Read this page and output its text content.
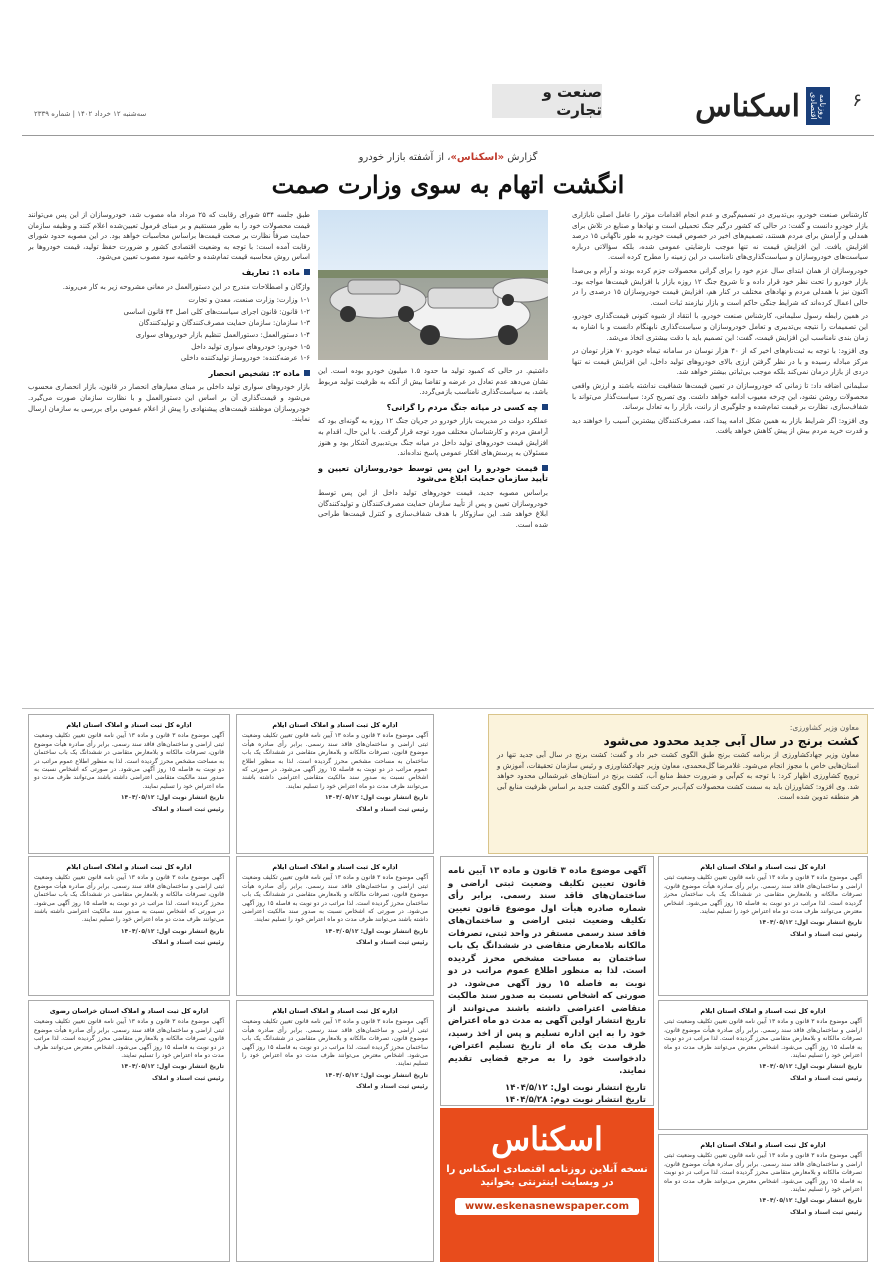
۶
روزنامه اقتصادی
اسکناس
صنعت و تجارت
سه‌شنبه ۱۲ خرداد ۱۴۰۲ | شماره ۲۳۳۹
گزارش «اسکناس»، از آشفته بازار خودرو
انگشت اتهام به سوی وزارت صمت

کارشناس صنعت خودرو، بی‌تدبیری در تصمیم‌گیری و عدم انجام اقدامات مؤثر را عامل اصلی نابازاری بازار خودرو دانست و گفت: در حالی که کشور درگیر جنگ تحمیلی است و نهادها و صنایع در تلاش برای همدلی و آرامش برای مردم هستند، تصمیم‌های اخیر در خصوص قیمت خودرو به طور ناگهانی ۱۵ درصد افزایش یافت. این افزایش قیمت نه تنها موجب نارضایتی عمومی شده، بلکه سؤالاتی درباره سیاست‌های خودروسازان و سیاست‌گذاری‌های نامناسب در این زمینه را مطرح کرده است.

خودروسازان از همان ابتدای سال عزم خود را برای گرانی محصولات جزم کرده بودند و آرام و بی‌صدا بازار خودرو را تحت نظر خود قرار داده و تا شروع جنگ ۱۲ روزه بازار با افزایش قیمت‌ها مواجه بود. اکنون نیز با همدلی مردم و نهادهای مختلف در کنار هم، افزایش قیمت خودروسازان ۱۵ درصدی را در حالی اعمال کرده‌اند که شرایط جنگی حاکم است و بازار نیازمند ثبات است.

در همین رابطه رسول سلیمانی، کارشناس صنعت خودرو، با انتقاد از شیوه کنونی قیمت‌گذاری خودرو، این تصمیمات را نتیجه بی‌تدبیری و تعامل خودروسازان و سیاست‌گذاری نابهنگام دانست و با اشاره به زمان بندی نامناسب این افزایش قیمت، گفت: این تصمیم باید با دقت بیشتری اتخاذ می‌شد.

وی افزود: با توجه به ثبت‌نام‌های اخیر که از ۴۰ هزار نوسان در سامانه تیماه خودرو ۷۰ هزار تومان در مرکز مبادله رسیده و با در نظر گرفتن ارزی بالای خودروهای تولید داخل، این افزایش قیمت نه تنها دردی از بازار درمان نمی‌کند بلکه موجب بی‌ثباتی بیشتر خواهد شد.

سلیمانی اضافه داد: تا زمانی که خودروسازان در تعیین قیمت‌ها شفافیت نداشته باشند و ارزش واقعی محصولات روشن نشود، این چرخه معیوب ادامه خواهد داشت. وی تصریح کرد: سیاست‌گذار می‌تواند با شفاف‌سازی، نظارت بر قیمت تمام‌شده و جلوگیری از رانت، بازار را به تعادل برساند.

وی افزود: اگر شرایط بازار به همین شکل ادامه پیدا کند، مصرف‌کنندگان بیشترین آسیب را خواهند دید و قدرت خرید مردم بیش از پیش کاهش خواهد یافت.

داشتیم. در حالی که کمبود تولید ما حدود ۱.۵ میلیون خودرو بوده است. این نشان می‌دهد عدم تعادل در عرضه و تقاضا بیش از آنکه به ظرفیت تولید مربوط باشد، به سیاست‌گذاری نامناسب بازمی‌گردد.

چه کسی در میانه جنگ مردم را گرانی؟

عملکرد دولت در مدیریت بازار خودرو در جریان جنگ ۱۲ روزه به گونه‌ای بود که آرامش مردم و کارشناسان مختلف مورد توجه قرار گرفت. با این حال، اقدام به افزایش قیمت خودروهای تولید داخل در میانه جنگ بی‌تدبیری آشکار بود و هنوز مسئولان به پرسش‌های افکار عمومی پاسخ نداده‌اند.

قیمت خودرو را این پس توسط خودروسازان تعیین و تأیید سازمان حمایت ابلاغ می‌شود

براساس مصوبه جدید، قیمت خودروهای تولید داخل از این پس توسط خودروسازان تعیین و پس از تأیید سازمان حمایت مصرف‌کنندگان و تولیدکنندگان ابلاغ خواهد شد. این سازوکار با هدف شفاف‌سازی و کنترل قیمت‌ها طراحی شده است.

طبق جلسه ۵۳۴ شورای رقابت که ۲۵ مرداد ماه مصوب شد، خودروسازان از این پس می‌توانند قیمت محصولات خود را به طور مستقیم و بر مبنای فرمول تعیین‌شده اعلام کنند و وظیفه سازمان حمایت صرفاً نظارت بر صحت قیمت‌ها براساس محاسبات خواهد بود. در این مصوبه حدود شورای رقابت آمده است: با توجه به وضعیت اقتصادی کشور و ضرورت حفظ تولید، قیمت خودروها بر اساس روش محاسبه قیمت تمام‌شده و حاشیه سود مصوب تعیین می‌شود.

ماده ۱: تعاریف

واژگان و اصطلاحات مندرج در این دستورالعمل در معانی مشروحه زیر به کار می‌روند.

۱-۱ وزارت: وزارت صنعت، معدن و تجارت
۱-۲ قانون: قانون اجرای سیاست‌های کلی اصل ۴۴ قانون اساسی
۱-۳ سازمان: سازمان حمایت مصرف‌کنندگان و تولیدکنندگان
۱-۴ دستورالعمل: دستورالعمل تنظیم بازار خودروهای سواری
۱-۵ خودرو: خودروهای سواری تولید داخل
۱-۶ عرضه‌کننده: خودروساز تولیدکننده داخلی
ماده ۲: تشخیص انحصار

بازار خودروهای سواری تولید داخلی بر مبنای معیارهای انحصار در قانون، بازار انحصاری محسوب می‌شود و قیمت‌گذاری آن بر اساس این دستورالعمل و با نظارت سازمان صورت می‌گیرد. خودروسازان موظفند قیمت‌های پیشنهادی را پیش از اعلام عمومی برای بررسی به سازمان ارسال نمایند.

معاون وزیر کشاورزی:
کشت برنج در سال آبی جدید محدود می‌شود

معاون وزیر جهادکشاورزی از برنامه کشت برنج طبق الگوی کشت خبر داد و گفت: کشت برنج در سال آبی جدید تنها در استان‌هایی خاص با مجوز انجام می‌شود. غلامرضا گل‌محمدی، معاون وزیر جهادکشاورزی و رئیس سازمان تحقیقات، آموزش و ترویج کشاورزی اظهار کرد: با توجه به کم‌آبی و ضرورت حفظ منابع آب، کشت برنج در استان‌های غیرشمالی محدود خواهد شد. وی افزود: کشاورزان باید به سمت کشت محصولات کم‌آب‌بر حرکت کنند و الگوی کشت جدید بر اساس ظرفیت منابع آبی هر منطقه تدوین شده است.

اداره کل ثبت اسناد و املاک استان ایلام
آگهی موضوع ماده ۳ قانون و ماده ۱۳ آیین نامه قانون تعیین تکلیف وضعیت ثبتی اراضی و ساختمان‌های فاقد سند رسمی. برابر رأی صادره هیأت موضوع قانون، تصرفات مالکانه و بلامعارض متقاضی در ششدانگ یک باب ساختمان به مساحت مشخص محرز گردیده است. لذا به منظور اطلاع عموم مراتب در دو نوبت به فاصله ۱۵ روز آگهی می‌شود. در صورتی که اشخاص نسبت به صدور سند مالکیت متقاضی اعتراضی داشته باشند می‌توانند ظرف مدت دو ماه اعتراض خود را تسلیم نمایند.
تاریخ انتشار نوبت اول: ۱۴۰۴/۰۵/۱۲
رئیس ثبت اسناد و املاک
اداره کل ثبت اسناد و املاک استان ایلام
آگهی موضوع ماده ۳ قانون و ماده ۱۳ آیین نامه قانون تعیین تکلیف وضعیت ثبتی اراضی و ساختمان‌های فاقد سند رسمی. برابر رأی صادره هیأت موضوع قانون، تصرفات مالکانه و بلامعارض متقاضی در ششدانگ یک باب ساختمان به مساحت مشخص محرز گردیده است. لذا به منظور اطلاع عموم مراتب در دو نوبت به فاصله ۱۵ روز آگهی می‌شود. در صورتی که اشخاص نسبت به صدور سند مالکیت متقاضی اعتراضی داشته باشند می‌توانند ظرف مدت دو ماه اعتراض خود را تسلیم نمایند.
تاریخ انتشار نوبت اول: ۱۴۰۴/۰۵/۱۲
رئیس ثبت اسناد و املاک
اداره کل ثبت اسناد و املاک استان ایلام
آگهی موضوع ماده ۳ قانون و ماده ۱۳ آیین نامه قانون تعیین تکلیف وضعیت ثبتی اراضی و ساختمان‌های فاقد سند رسمی. برابر رأی صادره هیأت موضوع قانون، تصرفات مالکانه و بلامعارض متقاضی در ششدانگ یک باب ساختمان محرز گردیده است. لذا مراتب در دو نوبت به فاصله ۱۵ روز آگهی می‌شود. در صورتی که اشخاص نسبت به صدور سند مالکیت اعتراضی داشته باشند می‌توانند ظرف مدت دو ماه اعتراض خود را تسلیم نمایند.
تاریخ انتشار نوبت اول: ۱۴۰۴/۰۵/۱۲
رئیس ثبت اسناد و املاک
اداره کل ثبت اسناد و املاک استان ایلام
آگهی موضوع ماده ۳ قانون و ماده ۱۳ آیین نامه قانون تعیین تکلیف وضعیت ثبتی اراضی و ساختمان‌های فاقد سند رسمی. برابر رأی صادره هیأت موضوع قانون، تصرفات مالکانه و بلامعارض متقاضی در ششدانگ یک باب ساختمان محرز گردیده است. لذا مراتب در دو نوبت به فاصله ۱۵ روز آگهی می‌شود. در صورتی که اشخاص نسبت به صدور سند مالکیت اعتراضی داشته باشند می‌توانند ظرف مدت دو ماه اعتراض خود را تسلیم نمایند.
تاریخ انتشار نوبت اول: ۱۴۰۴/۰۵/۱۲
رئیس ثبت اسناد و املاک
اداره کل ثبت اسناد و املاک استان ایلام
آگهی موضوع ماده ۳ قانون و ماده ۱۳ آیین نامه قانون تعیین تکلیف وضعیت ثبتی اراضی و ساختمان‌های فاقد سند رسمی. برابر رأی صادره هیأت موضوع قانون، تصرفات مالکانه و بلامعارض متقاضی در ششدانگ یک باب ساختمان محرز گردیده است. لذا مراتب در دو نوبت به فاصله ۱۵ روز آگهی می‌شود. اشخاص معترض می‌توانند ظرف مدت دو ماه اعتراض خود را تسلیم نمایند.
تاریخ انتشار نوبت اول: ۱۴۰۴/۰۵/۱۲
رئیس ثبت اسناد و املاک
اداره کل ثبت اسناد و املاک استان ایلام
آگهی موضوع ماده ۳ قانون و ماده ۱۳ آیین نامه قانون تعیین تکلیف وضعیت ثبتی اراضی و ساختمان‌های فاقد سند رسمی. برابر رأی صادره هیأت موضوع قانون، تصرفات مالکانه و بلامعارض متقاضی در ششدانگ یک باب ساختمان محرز گردیده است. لذا مراتب در دو نوبت به فاصله ۱۵ روز آگهی می‌شود. اشخاص معترض می‌توانند ظرف مدت دو ماه اعتراض خود را تسلیم نمایند.
تاریخ انتشار نوبت اول: ۱۴۰۴/۰۵/۱۲
رئیس ثبت اسناد و املاک
اداره کل ثبت اسناد و املاک استان خراسان رضوی
آگهی موضوع ماده ۳ قانون و ماده ۱۳ آیین نامه قانون تعیین تکلیف وضعیت ثبتی اراضی و ساختمان‌های فاقد سند رسمی. برابر رأی صادره هیأت موضوع قانون، تصرفات مالکانه و بلامعارض متقاضی محرز گردیده است. لذا مراتب در دو نوبت به فاصله ۱۵ روز آگهی می‌شود. اشخاص معترض می‌توانند ظرف مدت دو ماه اعتراض خود را تسلیم نمایند.
تاریخ انتشار نوبت اول: ۱۴۰۴/۰۵/۱۲
رئیس ثبت اسناد و املاک
اداره کل ثبت اسناد و املاک استان ایلام
آگهی موضوع ماده ۳ قانون و ماده ۱۳ آیین نامه قانون تعیین تکلیف وضعیت ثبتی اراضی و ساختمان‌های فاقد سند رسمی. برابر رأی صادره هیأت موضوع قانون، تصرفات مالکانه و بلامعارض متقاضی محرز گردیده است. لذا مراتب در دو نوبت به فاصله ۱۵ روز آگهی می‌شود. اشخاص معترض می‌توانند ظرف مدت دو ماه اعتراض خود را تسلیم نمایند.
تاریخ انتشار نوبت اول: ۱۴۰۴/۰۵/۱۲
رئیس ثبت اسناد و املاک
اداره کل ثبت اسناد و املاک استان ایلام
آگهی موضوع ماده ۳ قانون و ماده ۱۳ آیین نامه قانون تعیین تکلیف وضعیت ثبتی اراضی و ساختمان‌های فاقد سند رسمی. برابر رأی صادره هیأت موضوع قانون، تصرفات مالکانه و بلامعارض متقاضی محرز گردیده است. لذا مراتب در دو نوبت به فاصله ۱۵ روز آگهی می‌شود. اشخاص معترض می‌توانند ظرف مدت دو ماه اعتراض خود را تسلیم نمایند.
تاریخ انتشار نوبت اول: ۱۴۰۴/۰۵/۱۲
رئیس ثبت اسناد و املاک
آگهی موضوع ماده ۳ قانون و ماده ۱۳ آیین نامه قانون تعیین تکلیف وضعیت ثبتی اراضی و ساختمان‌های فاقد سند رسمی. برابر رأی شماره صادره هیأت اول موضوع قانون تعیین تکلیف وضعیت ثبتی اراضی و ساختمان‌های فاقد سند رسمی مستقر در واحد ثبتی، تصرفات مالکانه بلامعارض متقاضی در ششدانگ یک باب ساختمان به مساحت مشخص محرز گردیده است. لذا به منظور اطلاع عموم مراتب در دو نوبت به فاصله ۱۵ روز آگهی می‌شود. در صورتی که اشخاص نسبت به صدور سند مالکیت متقاضی اعتراضی داشته باشند می‌توانند از تاریخ انتشار اولین آگهی به مدت دو ماه اعتراض خود را به این اداره تسلیم و پس از اخذ رسید، ظرف مدت یک ماه از تاریخ تسلیم اعتراض، دادخواست خود را به مرجع قضایی تقدیم نمایند.
تاریخ انتشار نوبت اول: ۱۴۰۴/۵/۱۲
تاریخ انتشار نوبت دوم: ۱۴۰۴/۵/۲۸
اسکناس
نسخه آنلاین روزنامه اقتصادی اسکناس را
در وبسایت اینترنتی بخوانید
www.eskenasnewspaper.com
